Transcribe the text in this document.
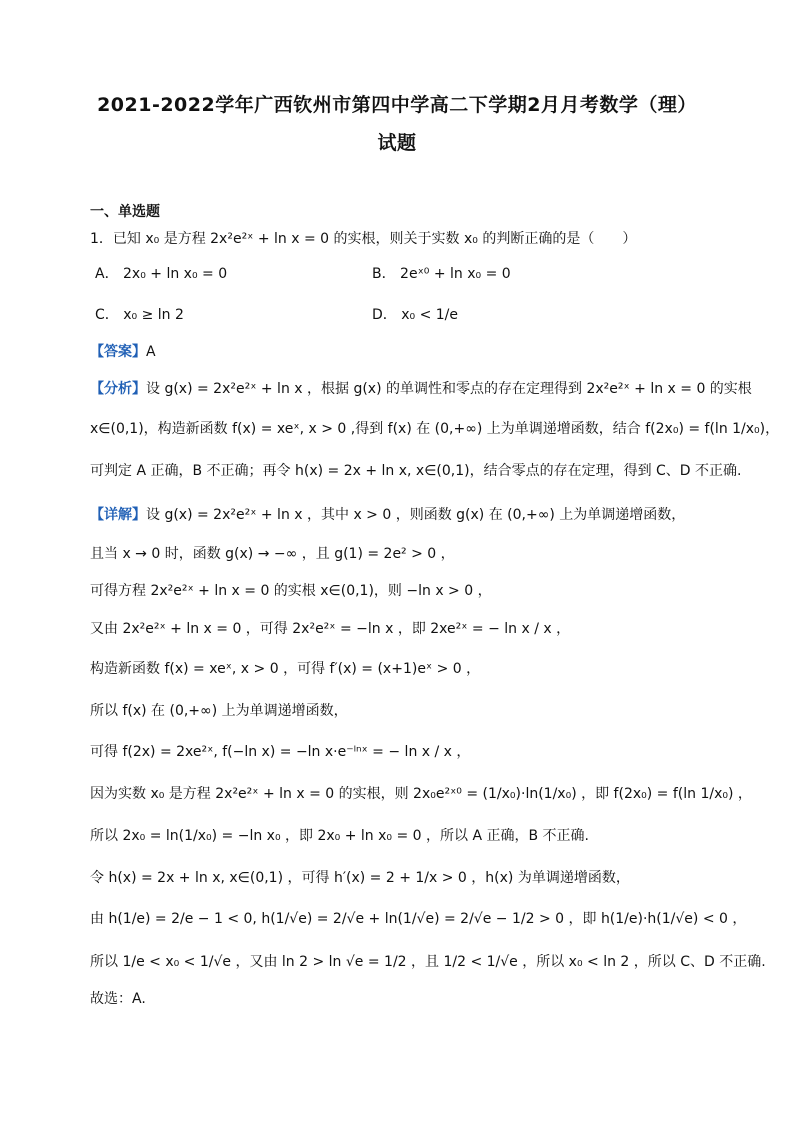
2021-2022学年广西钦州市第四中学高二下学期2月月考数学（理）
试题
一、单选题
1．已知 x₀ 是方程 2x²e²ˣ + ln x = 0 的实根，则关于实数 x₀ 的判断正确的是（　　）
A． 2x₀ + ln x₀ = 0	B． 2eˣ⁰ + ln x₀ = 0
C． x₀ ≥ ln 2	D． x₀ < 1/e
【答案】A
【分析】设 g(x) = 2x²e²ˣ + ln x ，根据 g(x) 的单调性和零点的存在定理得到 2x²e²ˣ + ln x = 0 的实根
x∈(0,1)，构造新函数 f(x) = xeˣ, x > 0 ,得到 f(x) 在 (0,+∞) 上为单调递增函数，结合 f(2x₀) = f(ln 1/x₀)，
可判定 A 正确，B 不正确；再令 h(x) = 2x + ln x, x∈(0,1)，结合零点的存在定理，得到 C、D 不正确.
【详解】设 g(x) = 2x²e²ˣ + ln x ，其中 x > 0 ，则函数 g(x) 在 (0,+∞) 上为单调递增函数，
且当 x → 0 时，函数 g(x) → −∞ ，且 g(1) = 2e² > 0 ，
可得方程 2x²e²ˣ + ln x = 0 的实根 x∈(0,1)，则 −ln x > 0 ，
又由 2x²e²ˣ + ln x = 0 ，可得 2x²e²ˣ = −ln x ，即 2xe²ˣ = − ln x / x ，
构造新函数 f(x) = xeˣ, x > 0 ，可得 f′(x) = (x+1)eˣ > 0 ，
所以 f(x) 在 (0,+∞) 上为单调递增函数，
可得 f(2x) = 2xe²ˣ, f(−ln x) = −ln x·e⁻ˡⁿˣ = − ln x / x ，
因为实数 x₀ 是方程 2x²e²ˣ + ln x = 0 的实根，则 2x₀e²ˣ⁰ = (1/x₀)·ln(1/x₀) ，即 f(2x₀) = f(ln 1/x₀) ，
所以 2x₀ = ln(1/x₀) = −ln x₀ ，即 2x₀ + ln x₀ = 0 ，所以 A 正确，B 不正确.
令 h(x) = 2x + ln x, x∈(0,1) ，可得 h′(x) = 2 + 1/x > 0 ，h(x) 为单调递增函数，
由 h(1/e) = 2/e − 1 < 0, h(1/√e) = 2/√e + ln(1/√e) = 2/√e − 1/2 > 0 ，即 h(1/e)·h(1/√e) < 0 ，
所以 1/e < x₀ < 1/√e ，又由 ln 2 > ln √e = 1/2 ，且 1/2 < 1/√e ，所以 x₀ < ln 2 ，所以 C、D 不正确.
故选：A.
